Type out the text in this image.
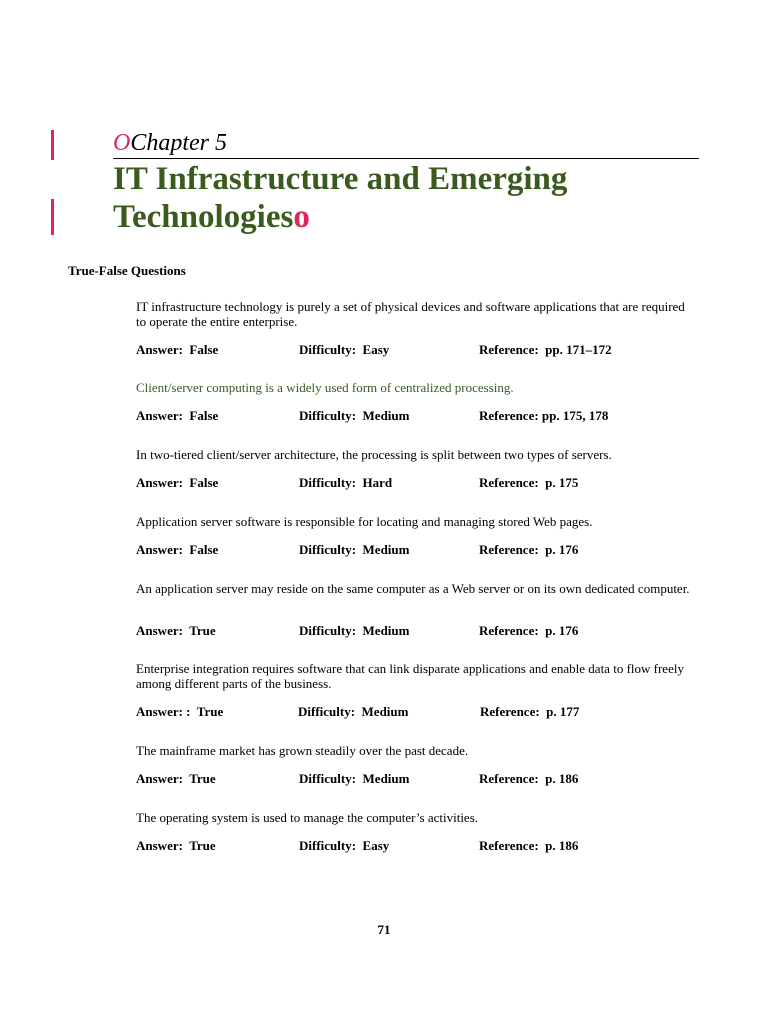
OChapter 5
IT Infrastructure and Emerging
Technologieso
True-False Questions
IT infrastructure technology is purely a set of physical devices and software applications that are required to operate the entire enterprise.
Answer:  False	Difficulty:  Easy	Reference:  pp. 171–172
Client/server computing is a widely used form of centralized processing.
Answer:  False	Difficulty:  Medium	Reference: pp. 175, 178
In two-tiered client/server architecture, the processing is split between two types of servers.
Answer:  False	Difficulty:  Hard	Reference:  p. 175
Application server software is responsible for locating and managing stored Web pages.
Answer:  False	Difficulty:  Medium	Reference:  p. 176
An application server may reside on the same computer as a Web server or on its own dedicated computer.
Answer:  True	Difficulty:  Medium	Reference:  p. 176
Enterprise integration requires software that can link disparate applications and enable data to flow freely among different parts of the business.
Answer: :  True	Difficulty:  Medium	Reference:  p. 177
The mainframe market has grown steadily over the past decade.
Answer:  True	Difficulty:  Medium	Reference:  p. 186
The operating system is used to manage the computer’s activities.
Answer:  True	Difficulty:  Easy	Reference:  p. 186
71
